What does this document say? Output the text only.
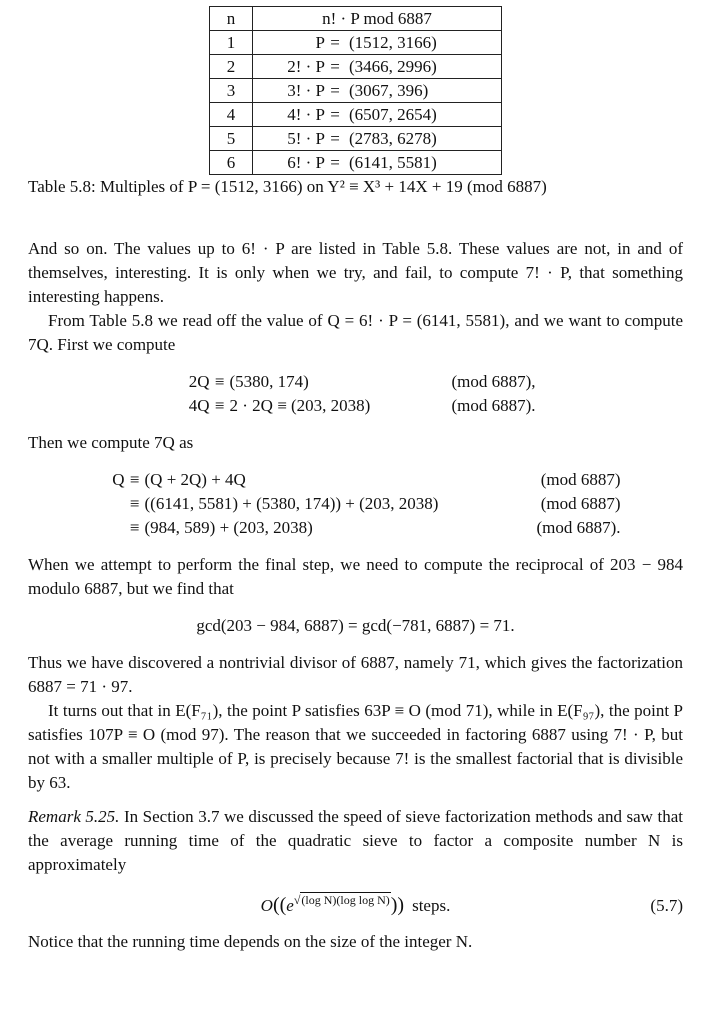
n	n! · P mod 6887
1	P = (1512, 3166)

2	2! · P = (3466, 2996)

3	3! · P = (3067, 396)

4	4! · P = (6507, 2654)

5	5! · P = (2783, 6278)

6	6! · P = (6141, 5581)

Table 5.8: Multiples of P = (1512, 3166) on Y² ≡ X³ + 14X + 19 (mod 6887)

And so on. The values up to 6! · P are listed in Table 5.8. These values are not, in and of themselves, interesting. It is only when we try, and fail, to compute 7! · P, that something interesting happens.

From Table 5.8 we read off the value of Q = 6! · P = (6141, 5581), and we want to compute 7Q. First we compute

2Q ≡ (5380, 174)	(mod 6887),
4Q ≡ 2 · 2Q ≡ (203, 2038)	(mod 6887).

Then we compute 7Q as

Q ≡ (Q + 2Q) + 4Q	(mod 6887)
≡ ((6141, 5581) + (5380, 174)) + (203, 2038)	(mod 6887)
≡ (984, 589) + (203, 2038)	(mod 6887).

When we attempt to perform the final step, we need to compute the reciprocal of 203 − 984 modulo 6887, but we find that

gcd(203 − 984, 6887) = gcd(−781, 6887) = 71.

Thus we have discovered a nontrivial divisor of 6887, namely 71, which gives the factorization 6887 = 71 · 97.

It turns out that in E(F₇₁), the point P satisfies 63P ≡ O (mod 71), while in E(F₉₇), the point P satisfies 107P ≡ O (mod 97). The reason that we succeeded in factoring 6887 using 7! · P, but not with a smaller multiple of P, is precisely because 7! is the smallest factorial that is divisible by 63.

Remark 5.25. In Section 3.7 we discussed the speed of sieve factorization methods and saw that the average running time of the quadratic sieve to factor a composite number N is approximately

$O((e^{√(log N)(log log N)}))$ steps.	(5.7)

Notice that the running time depends on the size of the integer N.
